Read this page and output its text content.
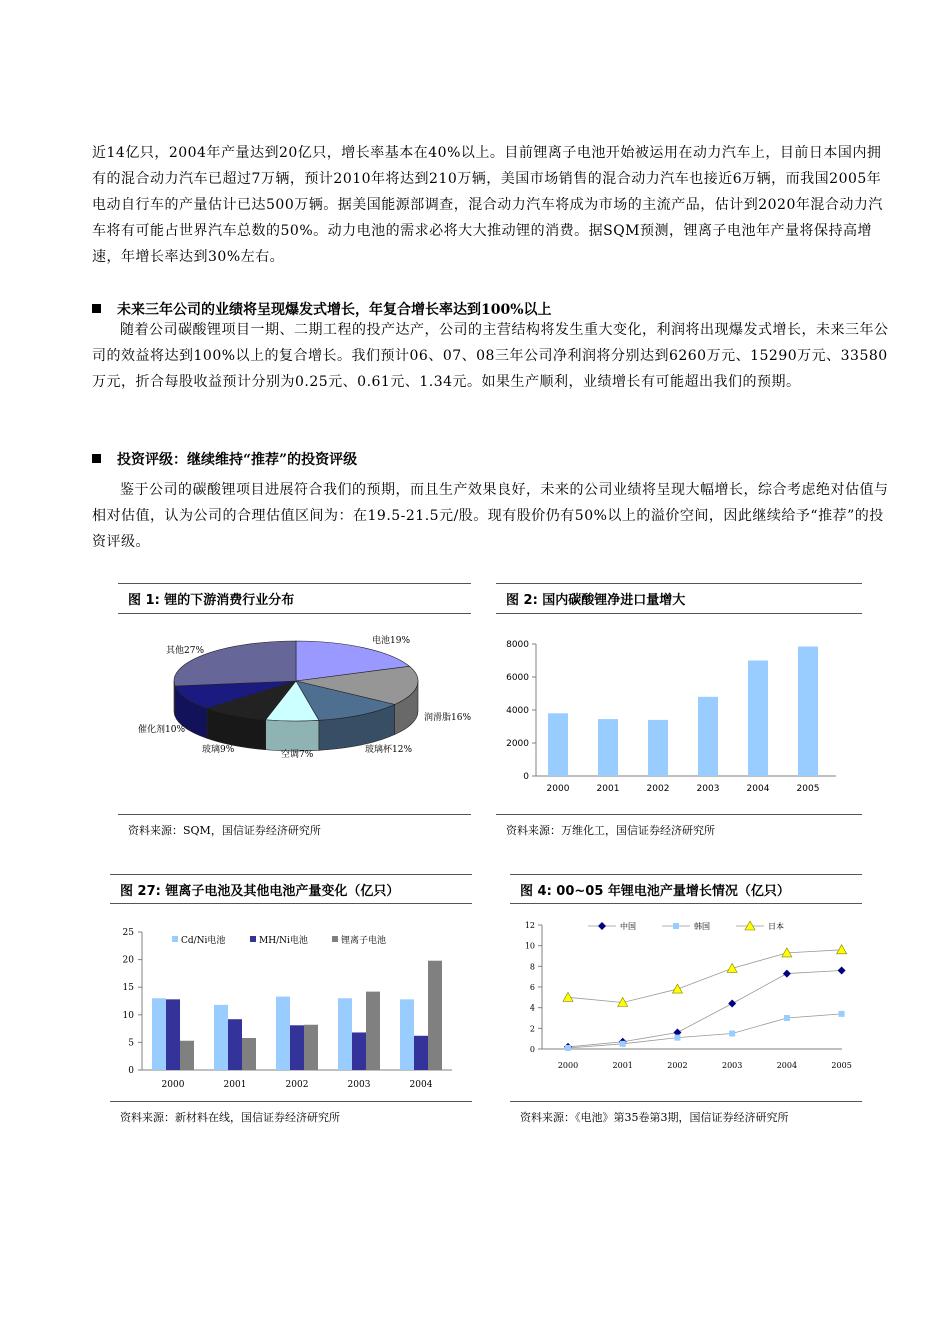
近14亿只，2004年产量达到20亿只，增长率基本在40%以上。目前锂离子电池开始被运用在动力汽车上，目前日本国内拥有的混合动力汽车已超过7万辆，预计2010年将达到210万辆，美国市场销售的混合动力汽车也接近6万辆，而我国2005年电动自行车的产量估计已达500万辆。据美国能源部调查，混合动力汽车将成为市场的主流产品，估计到2020年混合动力汽车将有可能占世界汽车总数的50%。动力电池的需求必将大大推动锂的消费。据SQM预测，锂离子电池年产量将保持高增速，年增长率达到30%左右。

未来三年公司的业绩将呈现爆发式增长，年复合增长率达到100%以上

随着公司碳酸锂项目一期、二期工程的投产达产，公司的主营结构将发生重大变化，利润将出现爆发式增长，未来三年公司的效益将达到100%以上的复合增长。我们预计06、07、08三年公司净利润将分别达到6260万元、15290万元、33580万元，折合每股收益预计分别为0.25元、0.61元、1.34元。如果生产顺利，业绩增长有可能超出我们的预期。

投资评级：继续维持“推荐”的投资评级

鉴于公司的碳酸锂项目进展符合我们的预期，而且生产效果良好，未来的公司业绩将呈现大幅增长，综合考虑绝对估值与相对估值，认为公司的合理估值区间为：在19.5-21.5元/股。现有股价仍有50%以上的溢价空间，因此继续给予“推荐”的投资评级。

图 1: 锂的下游消费行业分布

电池19%
润滑脂16%
玻璃杯12%
空调7%
玻璃9%
催化剂10%
其他27%

资料来源：SQM，国信证券经济研究所

图 2: 国内碳酸锂净进口量增大

0
2000
4000
6000
8000
2000	2001	2002	2003	2004	2005

资料来源：万维化工，国信证券经济研究所

图 27: 锂离子电池及其他电池产量变化（亿只）

0
5
10
15
20
25
2000	2001	2002	2003	2004
Cd/Ni电池	MH/Ni电池	锂离子电池

资料来源：新材料在线，国信证券经济研究所

图 4: 00~05 年锂电池产量增长情况（亿只）

0
2
4
6
8
10
12
2000	2001	2002	2003	2004	2005
中国	韩国	日本

资料来源：《电池》第35卷第3期，国信证券经济研究所
